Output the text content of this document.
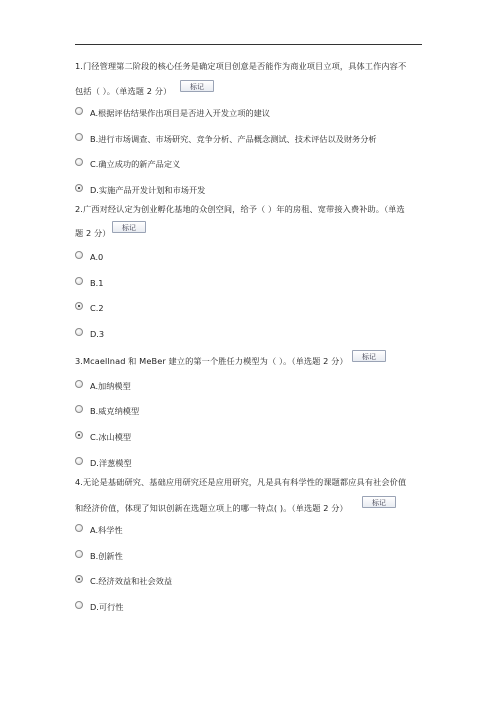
1.门径管理第二阶段的核心任务是确定项目创意是否能作为商业项目立项，具体工作内容不
包括（ ）。（单选题 2 分）	标记
A.根据评估结果作出项目是否进入开发立项的建议
B.进行市场调查、市场研究、竞争分析、产品概念测试、技术评估以及财务分析
C.确立成功的新产品定义
D.实施产品开发计划和市场开发
2.广西对经认定为创业孵化基地的众创空间，给予（ ）年的房租、宽带接入费补助。（单选
题 2 分）	标记
A.0
B.1
C.2
D.3
3.Mcaellnad 和 MeBer 建立的第一个胜任力模型为（ ）。（单选题 2 分）	标记
A.加纳模型
B.威克纳模型
C.冰山模型
D.洋葱模型
4.无论是基础研究、基础应用研究还是应用研究，凡是具有科学性的课题都应具有社会价值
和经济价值，体现了知识创新在选题立项上的哪一特点( )。（单选题 2 分）	标记
A.科学性
B.创新性
C.经济效益和社会效益
D.可行性
